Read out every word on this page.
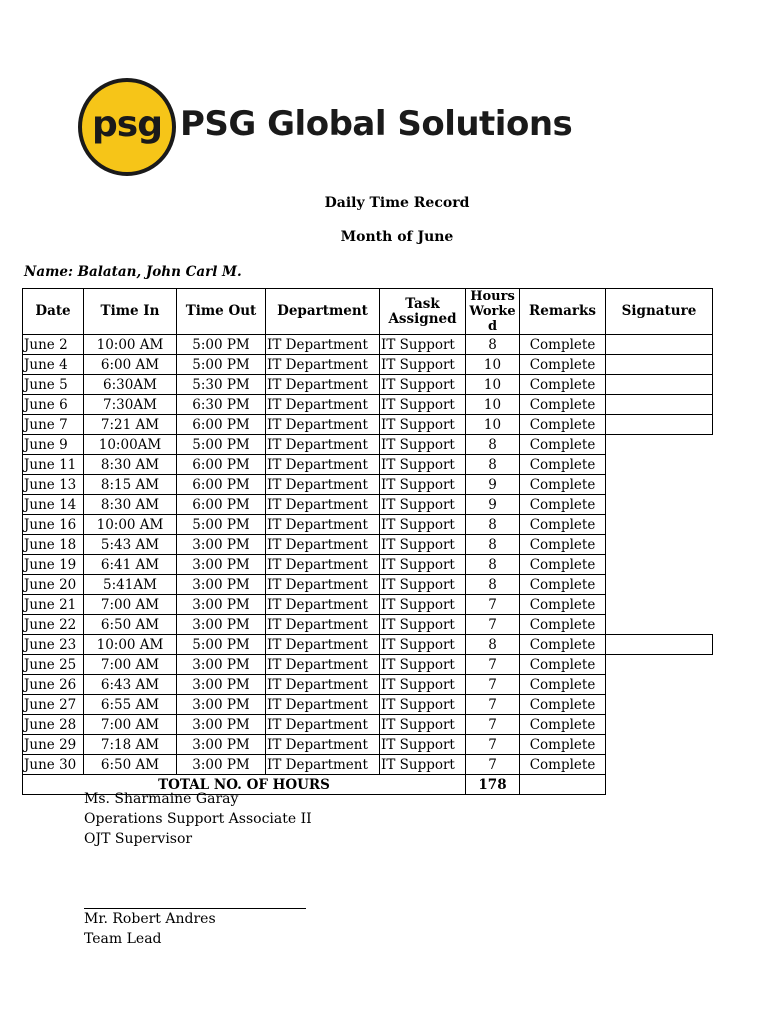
psg PSG Global Solutions
Daily Time Record
Month of June
Name: Balatan, John Carl M.
Date	Time In	Time Out	Department	Task Assigned	Hours Worke d	Remarks	Signature
June 2	10:00 AM	5:00 PM	IT Department	IT Support	8	Complete	
June 4	6:00 AM	5:00 PM	IT Department	IT Support	10	Complete	
June 5	6:30AM	5:30 PM	IT Department	IT Support	10	Complete	
June 6	7:30AM	6:30 PM	IT Department	IT Support	10	Complete	
June 7	7:21 AM	6:00 PM	IT Department	IT Support	10	Complete	
June 9	10:00AM	5:00 PM	IT Department	IT Support	8	Complete	
June 11	8:30 AM	6:00 PM	IT Department	IT Support	8	Complete	
June 13	8:15 AM	6:00 PM	IT Department	IT Support	9	Complete	
June 14	8:30 AM	6:00 PM	IT Department	IT Support	9	Complete	
June 16	10:00 AM	5:00 PM	IT Department	IT Support	8	Complete	
June 18	5:43 AM	3:00 PM	IT Department	IT Support	8	Complete	
June 19	6:41 AM	3:00 PM	IT Department	IT Support	8	Complete	
June 20	5:41AM	3:00 PM	IT Department	IT Support	8	Complete	
June 21	7:00 AM	3:00 PM	IT Department	IT Support	7	Complete	
June 22	6:50 AM	3:00 PM	IT Department	IT Support	7	Complete	
June 23	10:00 AM	5:00 PM	IT Department	IT Support	8	Complete	
June 25	7:00 AM	3:00 PM	IT Department	IT Support	7	Complete	
June 26	6:43 AM	3:00 PM	IT Department	IT Support	7	Complete	
June 27	6:55 AM	3:00 PM	IT Department	IT Support	7	Complete	
June 28	7:00 AM	3:00 PM	IT Department	IT Support	7	Complete	
June 29	7:18 AM	3:00 PM	IT Department	IT Support	7	Complete	
June 30	6:50 AM	3:00 PM	IT Department	IT Support	7	Complete	
TOTAL NO. OF HOURS					178		
Ms. Sharmaine Garay
Operations Support Associate II
OJT Supervisor
Mr. Robert Andres
Team Lead
